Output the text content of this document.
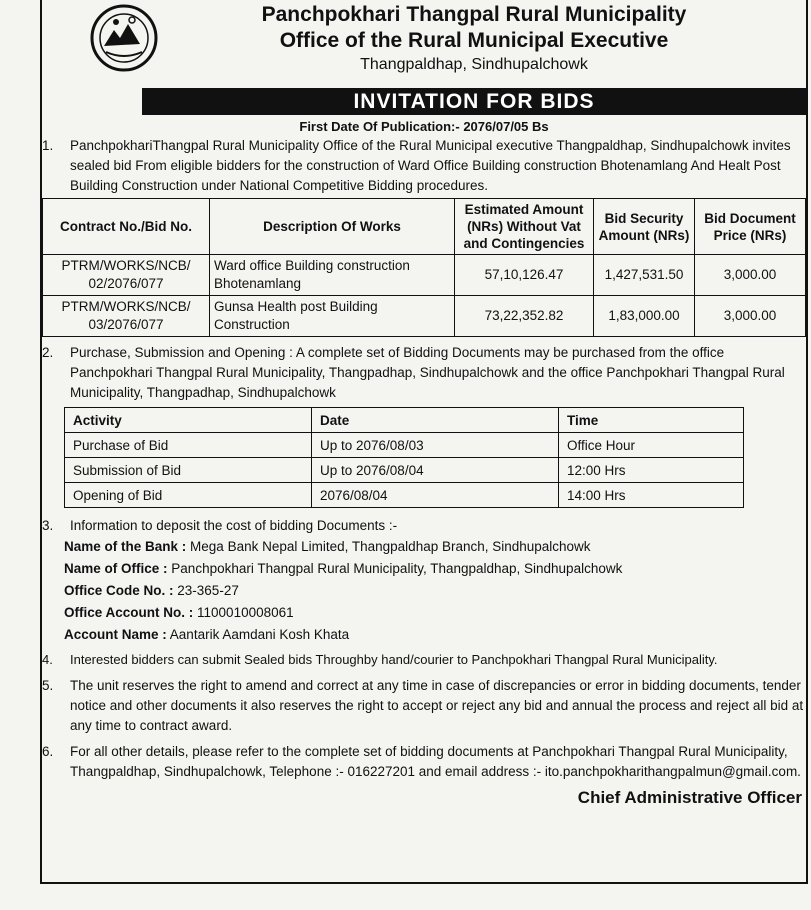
Panchpokhari Thangpal Rural Municipality
Office of the Rural Municipal Executive
Thangpaldhap, Sindhupalchowk
INVITATION FOR BIDS
First Date Of Publication:- 2076/07/05 Bs
1. PanchpokhariThangpal Rural Municipality Office of the Rural Municipal executive Thangpaldhap, Sindhupalchowk invites sealed bid From eligible bidders for the construction of Ward Office Building construction Bhotenamlang And Healt Post Building Construction under National Competitive Bidding procedures.
Contract No./Bid No.	Description Of Works	Estimated Amount (NRs) Without Vat and Contingencies	Bid Security Amount (NRs)	Bid Document Price (NRs)
PTRM/WORKS/NCB/ 02/2076/077	Ward office Building construction Bhotenamlang	57,10,126.47	1,427,531.50	3,000.00
PTRM/WORKS/NCB/ 03/2076/077	Gunsa Health post Building Construction	73,22,352.82	1,83,000.00	3,000.00
2. Purchase, Submission and Opening : A complete set of Bidding Documents may be purchased from the office Panchpokhari Thangpal Rural Municipality, Thangpadhap, Sindhupalchowk and the office Panchpokhari Thangpal Rural Municipality, Thangpadhap, Sindhupalchowk
Activity	Date	Time
Purchase of Bid	Up to 2076/08/03	Office Hour
Submission of Bid	Up to 2076/08/04	12:00 Hrs
Opening of Bid	2076/08/04	14:00 Hrs
3. Information to deposit the cost of bidding Documents :-
Name of the Bank : Mega Bank Nepal Limited, Thangpaldhap Branch, Sindhupalchowk
Name of Office : Panchpokhari Thangpal Rural Municipality, Thangpaldhap, Sindhupalchowk
Office Code No. : 23-365-27
Office Account No. : 1100010008061
Account Name : Aantarik Aamdani Kosh Khata
4. Interested bidders can submit Sealed bids Throughby hand/courier to Panchpokhari Thangpal Rural Municipality.
5. The unit reserves the right to amend and correct at any time in case of discrepancies or error in bidding documents, tender notice and other documents it also reserves the right to accept or reject any bid and annual the process and reject all bid at any time to contract award.
6. For all other details, please refer to the complete set of bidding documents at Panchpokhari Thangpal Rural Municipality, Thangpaldhap, Sindhupalchowk, Telephone :- 016227201 and email address :- ito.panchpokharithangpalmun@gmail.com.
Chief Administrative Officer
